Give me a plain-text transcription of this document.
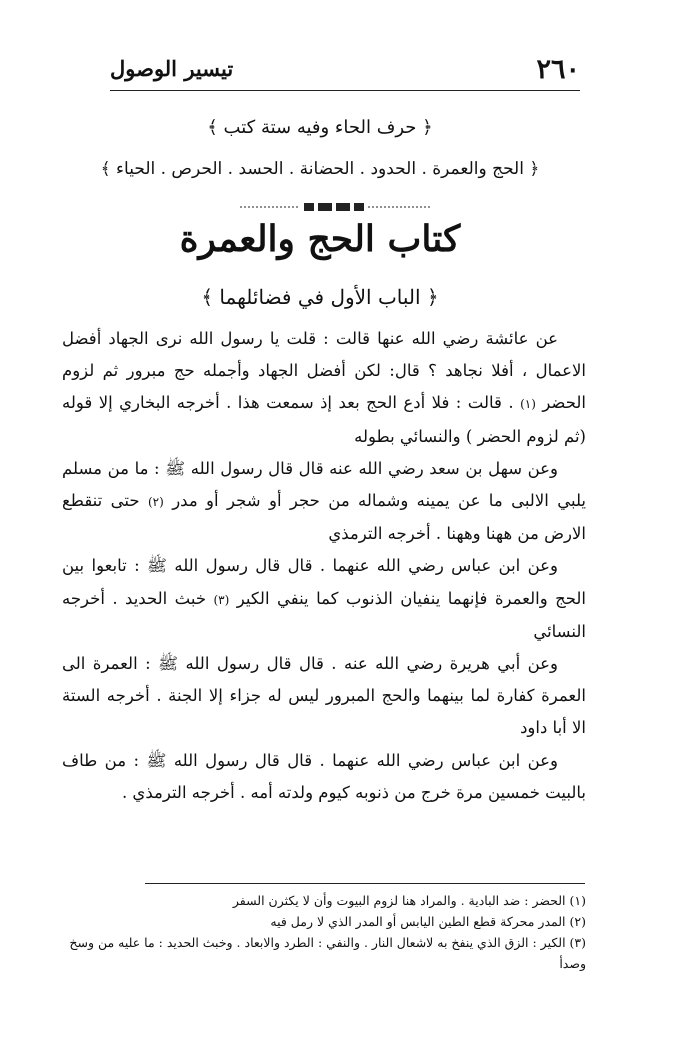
٢٦٠
تيسير الوصول
﴿ حرف الحاء وفيه ستة كتب ﴾
﴿ الحج والعمرة . الحدود . الحضانة . الحسد . الحرص . الحياء ﴾
كتاب الحج والعمرة
﴿ الباب الأول في فضائلهما ﴾

عن عائشة رضي الله عنها قالت : قلت يا رسول الله نرى الجهاد أفضل الاعمال ، أفلا نجاهد ؟ قال: لكن أفضل الجهاد وأجمله حج مبرور ثم لزوم الحضر (١) . قالت : فلا أدع الحج بعد إذ سمعت هذا . أخرجه البخاري إلا قوله (ثم لزوم الحضر ) والنسائي بطوله

وعن سهل بن سعد رضي الله عنه قال قال رسول الله ﷺ : ما من مسلم يلبي الالبى ما عن يمينه وشماله من حجر أو شجر أو مدر (٢) حتى تنقطع الارض من ههنا وههنا . أخرجه الترمذي

وعن ابن عباس رضي الله عنهما . قال قال رسول الله ﷺ : تابعوا بين الحج والعمرة فإنهما ينفيان الذنوب كما ينفي الكير (٣) خبث الحديد . أخرجه النسائي

وعن أبي هريرة رضي الله عنه . قال قال رسول الله ﷺ : العمرة الى العمرة كفارة لما بينهما والحج المبرور ليس له جزاء إلا الجنة . أخرجه الستة الا أبا داود

وعن ابن عباس رضي الله عنهما . قال قال رسول الله ﷺ : من طاف بالبيت خمسين مرة خرج من ذنوبه كيوم ولدته أمه . أخرجه الترمذي .

(١) الحضر : ضد البادية . والمراد هنا لزوم البيوت وأن لا يكثرن السفر

(٢) المدر محركة قطع الطين اليابس أو المدر الذي لا رمل فيه

(٣) الكير : الزق الذي ينفخ به لاشعال النار . والنفي : الطرد والابعاد . وخبث الحديد : ما عليه من وسخ وصدأ
